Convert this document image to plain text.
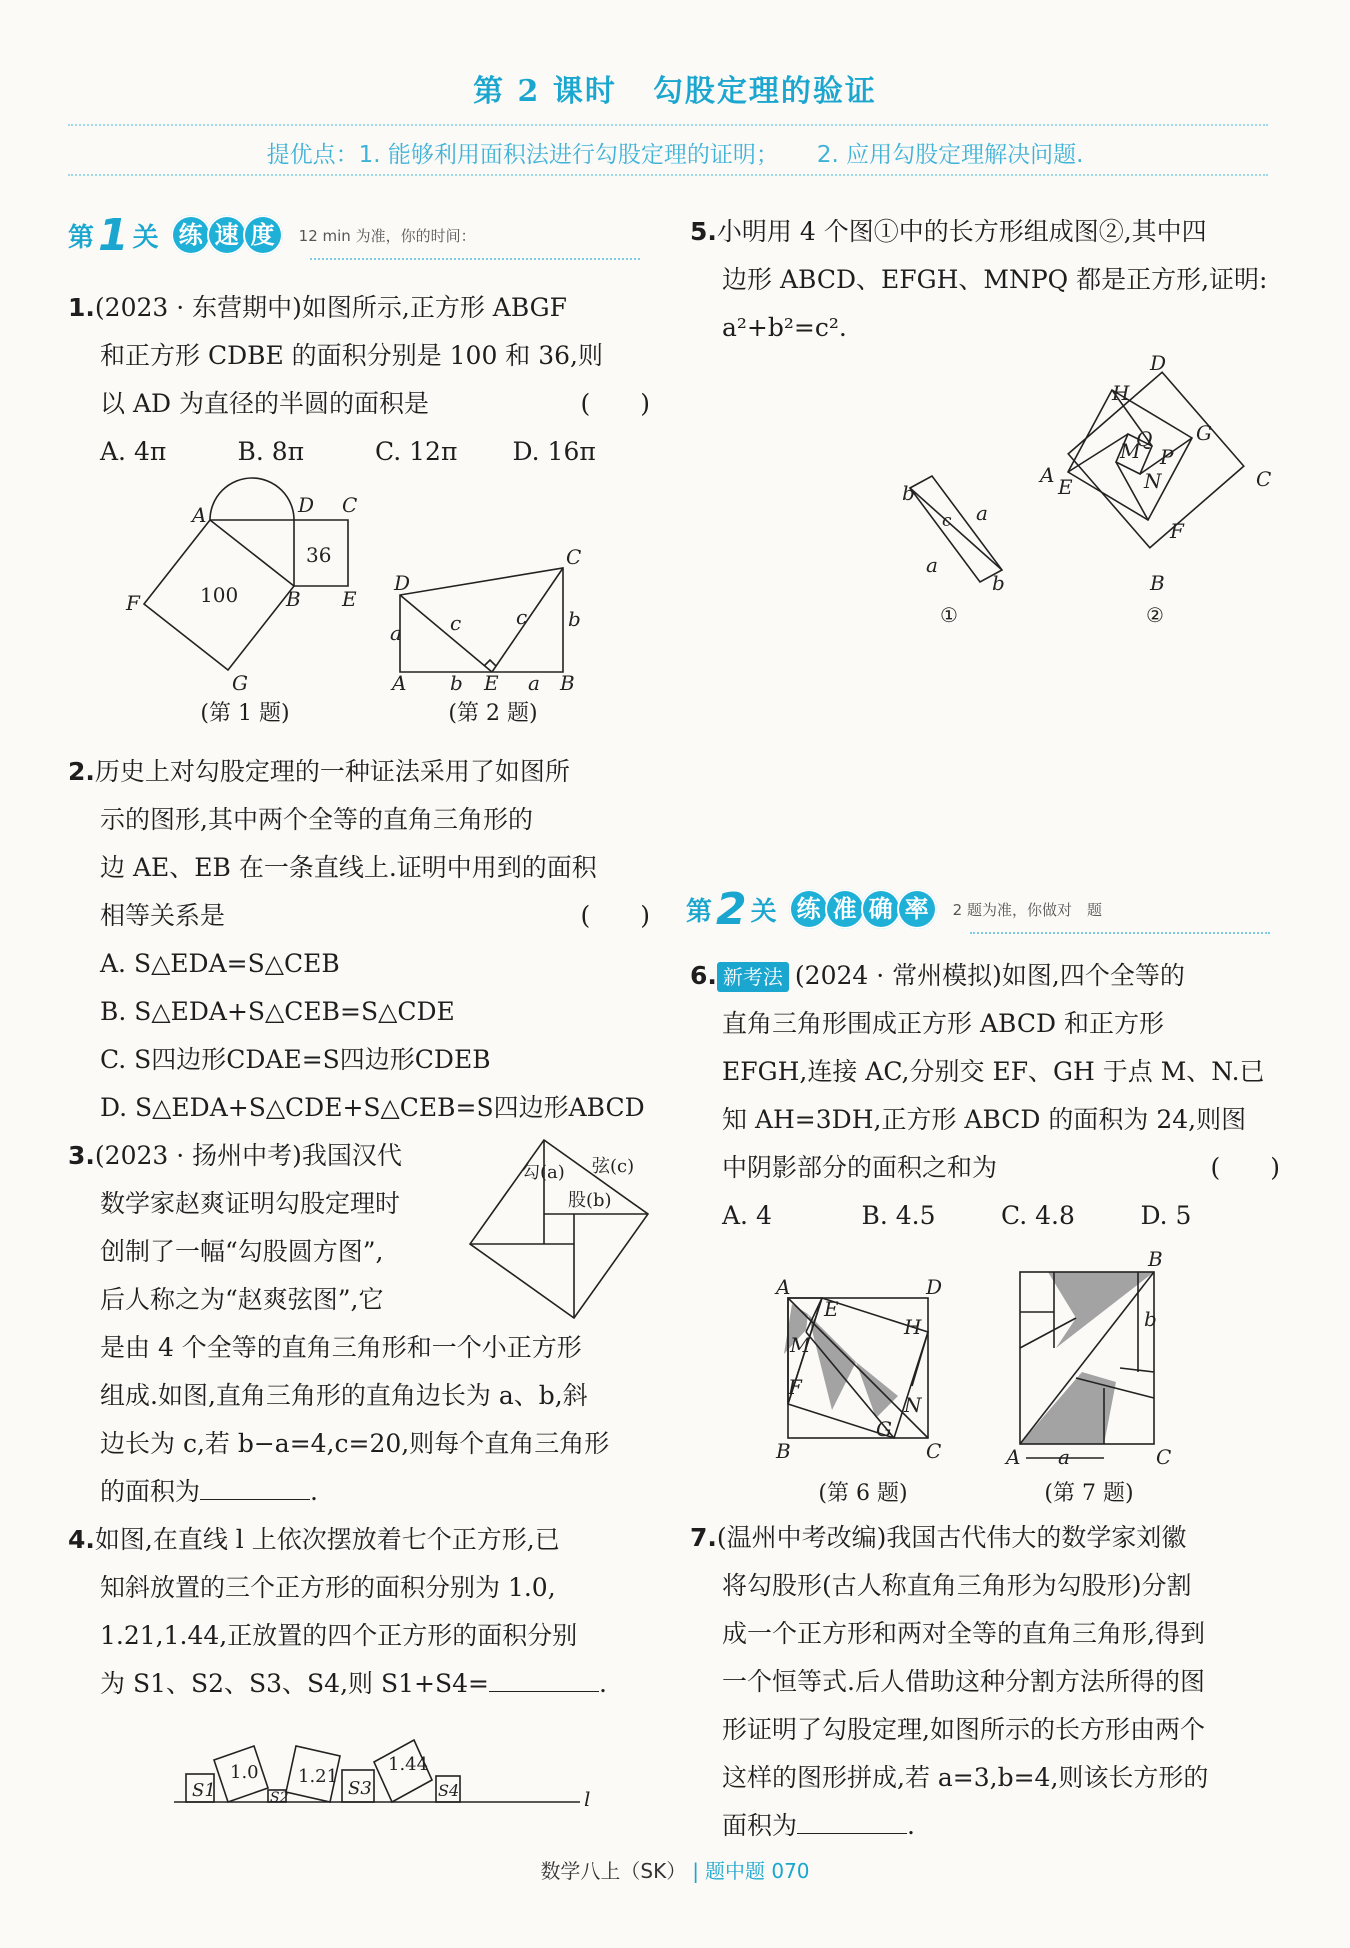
第 2 课时 勾股定理的验证
提优点：1. 能够利用面积法进行勾股定理的证明； 2. 应用勾股定理解决问题.
第 1 关 练 速 度	12 min 为准，你的时间：

1.(2023 · 东营期中)如图所示,正方形 ABGF

和正方形 CDBE 的面积分别是 100 和 36,则

以 AD 为直径的半圆的面积是	(　　)

A. 4π	B. 8π	C. 12π	D. 16π

A	D C
F	B E
G
100
36
(第 1 题)
D
C
A	B
E
a
a
b
b
c	c
(第 2 题)

2.历史上对勾股定理的一种证法采用了如图所

示的图形,其中两个全等的直角三角形的

边 AE、EB 在一条直线上.证明中用到的面积

相等关系是	(　　)

A. S△EDA=S△CEB

B. S△EDA+S△CEB=S△CDE

C. S四边形CDAE=S四边形CDEB

D. S△EDA+S△CDE+S△CEB=S四边形ABCD

3.(2023 · 扬州中考)我国汉代

数学家赵爽证明勾股定理时

创制了一幅“勾股圆方图”,

后人称之为“赵爽弦图”,它

是由 4 个全等的直角三角形和一个小正方形

组成.如图,直角三角形的直角边长为 a、b,斜

边长为 c,若 b−a=4,c=20,则每个直角三角形

的面积为	.

勾(a) 弦(c)
股(b)

4.如图,在直线 l 上依次摆放着七个正方形,已

知斜放置的三个正方形的面积分别为 1.0,

1.21,1.44,正放置的四个正方形的面积分别

为 S1、S2、S3、S4,则 S1+S4=	.

S1	S2	S3	S4
1.0 1.21
1.44
l

5.小明用 4 个图①中的长方形组成图②,其中四

边形 ABCD、EFGH、MNPQ 都是正方形,证明:

a²+b²=c².

b
a
c
a
b
①
A
B
C
D
E
F
G
H
M
N
P
Q
②
第 2 关 练 准 确 率	2 题为准，你做对　题

6. 新考法 (2024 · 常州模拟)如图,四个全等的

直角三角形围成正方形 ABCD 和正方形

EFGH,连接 AC,分别交 EF、GH 于点 M、N.已

知 AH=3DH,正方形 ABCD 的面积为 24,则图

中阴影部分的面积之和为	(　　)

A. 4	B. 4.5	C. 4.8	D. 5

A
B	C
D
E
F
G
H
M
N
(第 6 题)
A
B
C
b
a
(第 7 题)

7.(温州中考改编)我国古代伟大的数学家刘徽

将勾股形(古人称直角三角形为勾股形)分割

成一个正方形和两对全等的直角三角形,得到

一个恒等式.后人借助这种分割方法所得的图

形证明了勾股定理,如图所示的长方形由两个

这样的图形拼成,若 a=3,b=4,则该长方形的

面积为	.

数学八上（SK） | 题中题 070
